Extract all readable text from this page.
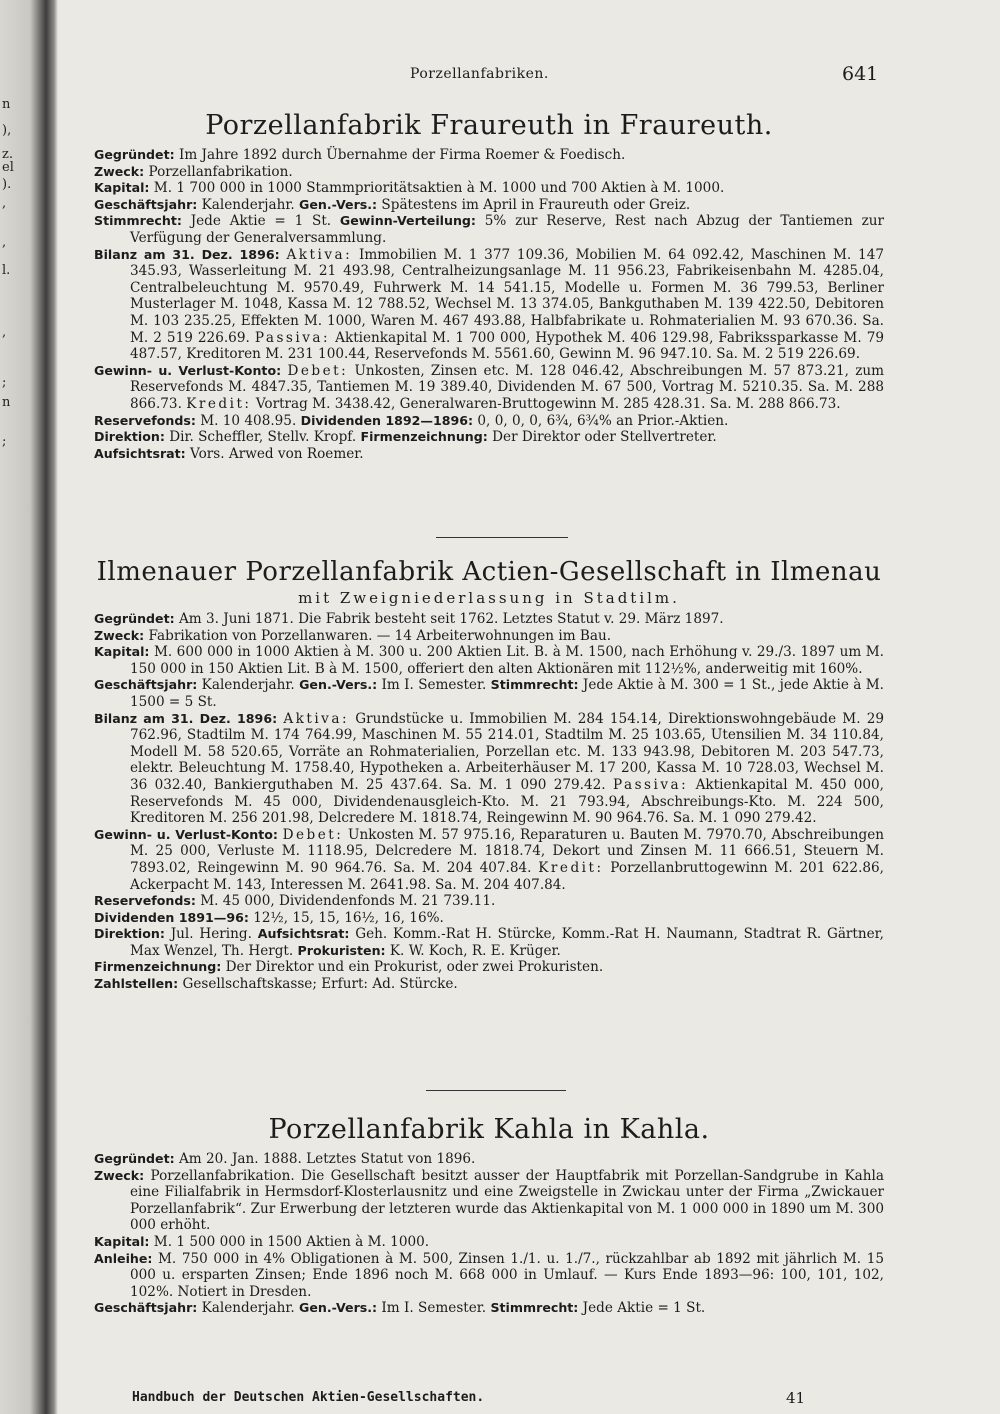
n
),
z.
el
).
,
,
l.
,
;
n
;
Porzellanfabriken.	641
Porzellanfabrik Fraureuth in Fraureuth.

Gegründet: Im Jahre 1892 durch Übernahme der Firma Roemer & Foedisch.

Zweck: Porzellanfabrikation.

Kapital: M. 1 700 000 in 1000 Stammprioritätsaktien à M. 1000 und 700 Aktien à M. 1000.

Geschäftsjahr: Kalenderjahr. Gen.-Vers.: Spätestens im April in Fraureuth oder Greiz.

Stimmrecht: Jede Aktie = 1 St. Gewinn-Verteilung: 5% zur Reserve, Rest nach Abzug der Tantiemen zur Verfügung der Generalversammlung.

Bilanz am 31. Dez. 1896: Aktiva: Immobilien M. 1 377 109.36, Mobilien M. 64 092.42, Maschinen M. 147 345.93, Wasserleitung M. 21 493.98, Centralheizungsanlage M. 11 956.23, Fabrikeisenbahn M. 4285.04, Centralbeleuchtung M. 9570.49, Fuhrwerk M. 14 541.15, Modelle u. Formen M. 36 799.53, Berliner Musterlager M. 1048, Kassa M. 12 788.52, Wechsel M. 13 374.05, Bankguthaben M. 139 422.50, Debitoren M. 103 235.25, Effekten M. 1000, Waren M. 467 493.88, Halbfabrikate u. Rohmaterialien M. 93 670.36. Sa. M. 2 519 226.69. Passiva: Aktienkapital M. 1 700 000, Hypothek M. 406 129.98, Fabrikssparkasse M. 79 487.57, Kreditoren M. 231 100.44, Reservefonds M. 5561.60, Gewinn M. 96 947.10. Sa. M. 2 519 226.69.

Gewinn- u. Verlust-Konto: Debet: Unkosten, Zinsen etc. M. 128 046.42, Abschreibungen M. 57 873.21, zum Reservefonds M. 4847.35, Tantiemen M. 19 389.40, Dividenden M. 67 500, Vortrag M. 5210.35. Sa. M. 288 866.73. Kredit: Vortrag M. 3438.42, Generalwaren-Bruttogewinn M. 285 428.31. Sa. M. 288 866.73.

Reservefonds: M. 10 408.95. Dividenden 1892—1896: 0, 0, 0, 0, 6¾, 6¾% an Prior.-Aktien.

Direktion: Dir. Scheffler, Stellv. Kropf. Firmenzeichnung: Der Direktor oder Stellvertreter.

Aufsichtsrat: Vors. Arwed von Roemer.

Ilmenauer Porzellanfabrik Actien-Gesellschaft in Ilmenau
mit Zweigniederlassung in Stadtilm.

Gegründet: Am 3. Juni 1871. Die Fabrik besteht seit 1762. Letztes Statut v. 29. März 1897.

Zweck: Fabrikation von Porzellanwaren. — 14 Arbeiterwohnungen im Bau.

Kapital: M. 600 000 in 1000 Aktien à M. 300 u. 200 Aktien Lit. B. à M. 1500, nach Erhöhung v. 29./3. 1897 um M. 150 000 in 150 Aktien Lit. B à M. 1500, offeriert den alten Aktionären mit 112½%, anderweitig mit 160%.

Geschäftsjahr: Kalenderjahr. Gen.-Vers.: Im I. Semester. Stimmrecht: Jede Aktie à M. 300 = 1 St., jede Aktie à M. 1500 = 5 St.

Bilanz am 31. Dez. 1896: Aktiva: Grundstücke u. Immobilien M. 284 154.14, Direktionswohngebäude M. 29 762.96, Stadtilm M. 174 764.99, Maschinen M. 55 214.01, Stadtilm M. 25 103.65, Utensilien M. 34 110.84, Modell M. 58 520.65, Vorräte an Rohmaterialien, Porzellan etc. M. 133 943.98, Debitoren M. 203 547.73, elektr. Beleuchtung M. 1758.40, Hypotheken a. Arbeiterhäuser M. 17 200, Kassa M. 10 728.03, Wechsel M. 36 032.40, Bankierguthaben M. 25 437.64. Sa. M. 1 090 279.42. Passiva: Aktienkapital M. 450 000, Reservefonds M. 45 000, Dividendenausgleich-Kto. M. 21 793.94, Abschreibungs-Kto. M. 224 500, Kreditoren M. 256 201.98, Delcredere M. 1818.74, Reingewinn M. 90 964.76. Sa. M. 1 090 279.42.

Gewinn- u. Verlust-Konto: Debet: Unkosten M. 57 975.16, Reparaturen u. Bauten M. 7970.70, Abschreibungen M. 25 000, Verluste M. 1118.95, Delcredere M. 1818.74, Dekort und Zinsen M. 11 666.51, Steuern M. 7893.02, Reingewinn M. 90 964.76. Sa. M. 204 407.84. Kredit: Porzellanbruttogewinn M. 201 622.86, Ackerpacht M. 143, Interessen M. 2641.98. Sa. M. 204 407.84.

Reservefonds: M. 45 000, Dividendenfonds M. 21 739.11.

Dividenden 1891—96: 12½, 15, 15, 16½, 16, 16%.

Direktion: Jul. Hering. Aufsichtsrat: Geh. Komm.-Rat H. Stürcke, Komm.-Rat H. Naumann, Stadtrat R. Gärtner, Max Wenzel, Th. Hergt. Prokuristen: K. W. Koch, R. E. Krüger.

Firmenzeichnung: Der Direktor und ein Prokurist, oder zwei Prokuristen.

Zahlstellen: Gesellschaftskasse; Erfurt: Ad. Stürcke.

Porzellanfabrik Kahla in Kahla.

Gegründet: Am 20. Jan. 1888. Letztes Statut von 1896.

Zweck: Porzellanfabrikation. Die Gesellschaft besitzt ausser der Hauptfabrik mit Porzellan-Sandgrube in Kahla eine Filialfabrik in Hermsdorf-Klosterlausnitz und eine Zweigstelle in Zwickau unter der Firma „Zwickauer Porzellanfabrik“. Zur Erwerbung der letzteren wurde das Aktienkapital von M. 1 000 000 in 1890 um M. 300 000 erhöht.

Kapital: M. 1 500 000 in 1500 Aktien à M. 1000.

Anleihe: M. 750 000 in 4% Obligationen à M. 500, Zinsen 1./1. u. 1./7., rückzahlbar ab 1892 mit jährlich M. 15 000 u. ersparten Zinsen; Ende 1896 noch M. 668 000 in Umlauf. — Kurs Ende 1893—96: 100, 101, 102, 102%. Notiert in Dresden.

Geschäftsjahr: Kalenderjahr. Gen.-Vers.: Im I. Semester. Stimmrecht: Jede Aktie = 1 St.

Handbuch der Deutschen Aktien-Gesellschaften.	41
